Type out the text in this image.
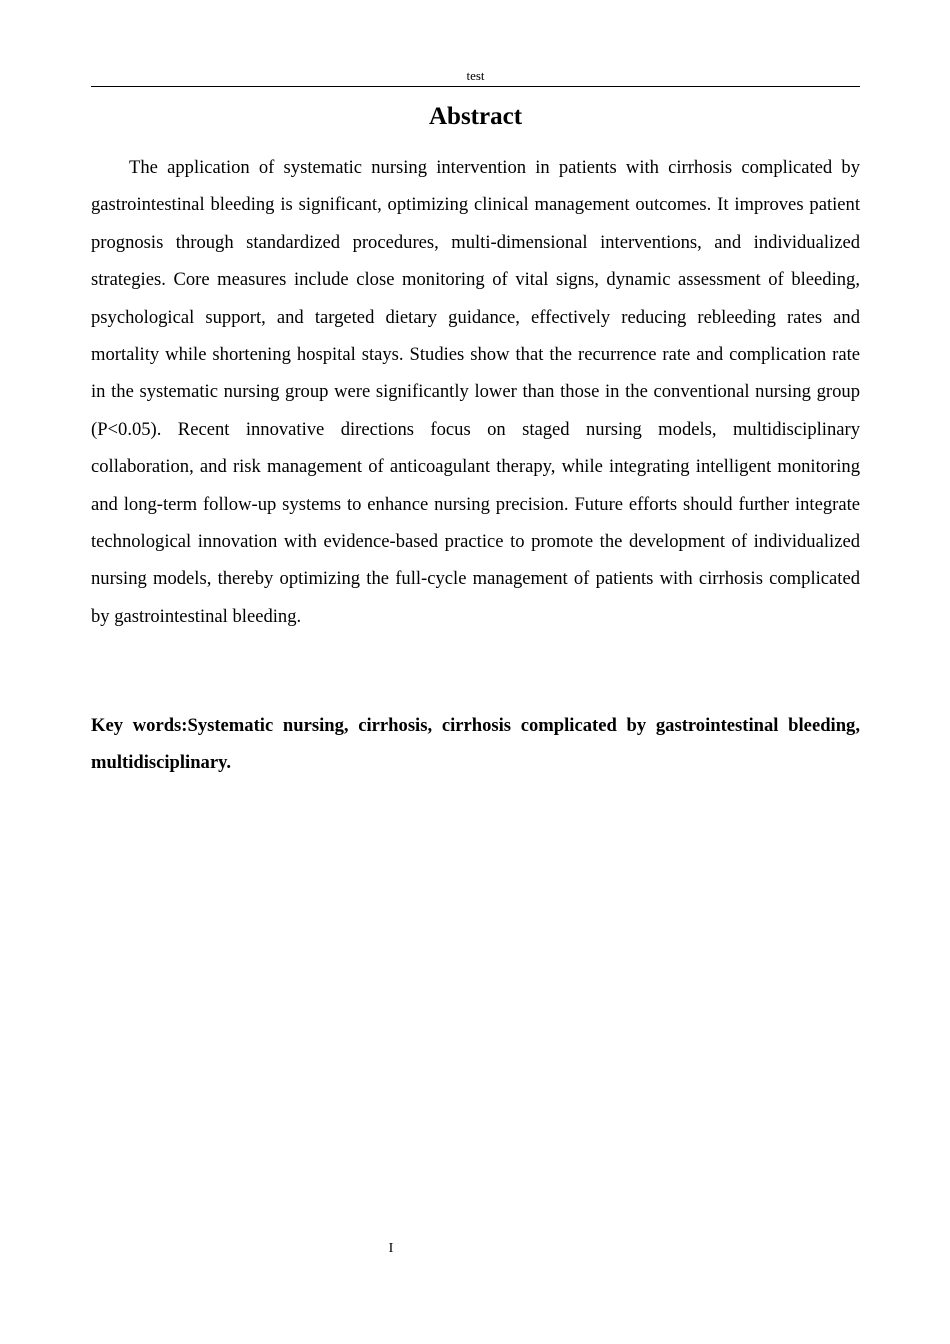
test
Abstract

The application of systematic nursing intervention in patients with cirrhosis complicated by gastrointestinal bleeding is significant, optimizing clinical management outcomes. It improves patient prognosis through standardized procedures, multi-dimensional interventions, and individualized strategies. Core measures include close monitoring of vital signs, dynamic assessment of bleeding, psychological support, and targeted dietary guidance, effectively reducing rebleeding rates and mortality while shortening hospital stays. Studies show that the recurrence rate and complication rate in the systematic nursing group were significantly lower than those in the conventional nursing group (P<0.05). Recent innovative directions focus on staged nursing models, multidisciplinary collaboration, and risk management of anticoagulant therapy, while integrating intelligent monitoring and long-term follow-up systems to enhance nursing precision. Future efforts should further integrate technological innovation with evidence-based practice to promote the development of individualized nursing models, thereby optimizing the full-cycle management of patients with cirrhosis complicated by gastrointestinal bleeding.

Key words:Systematic nursing, cirrhosis, cirrhosis complicated by gastrointestinal bleeding, multidisciplinary.

I
